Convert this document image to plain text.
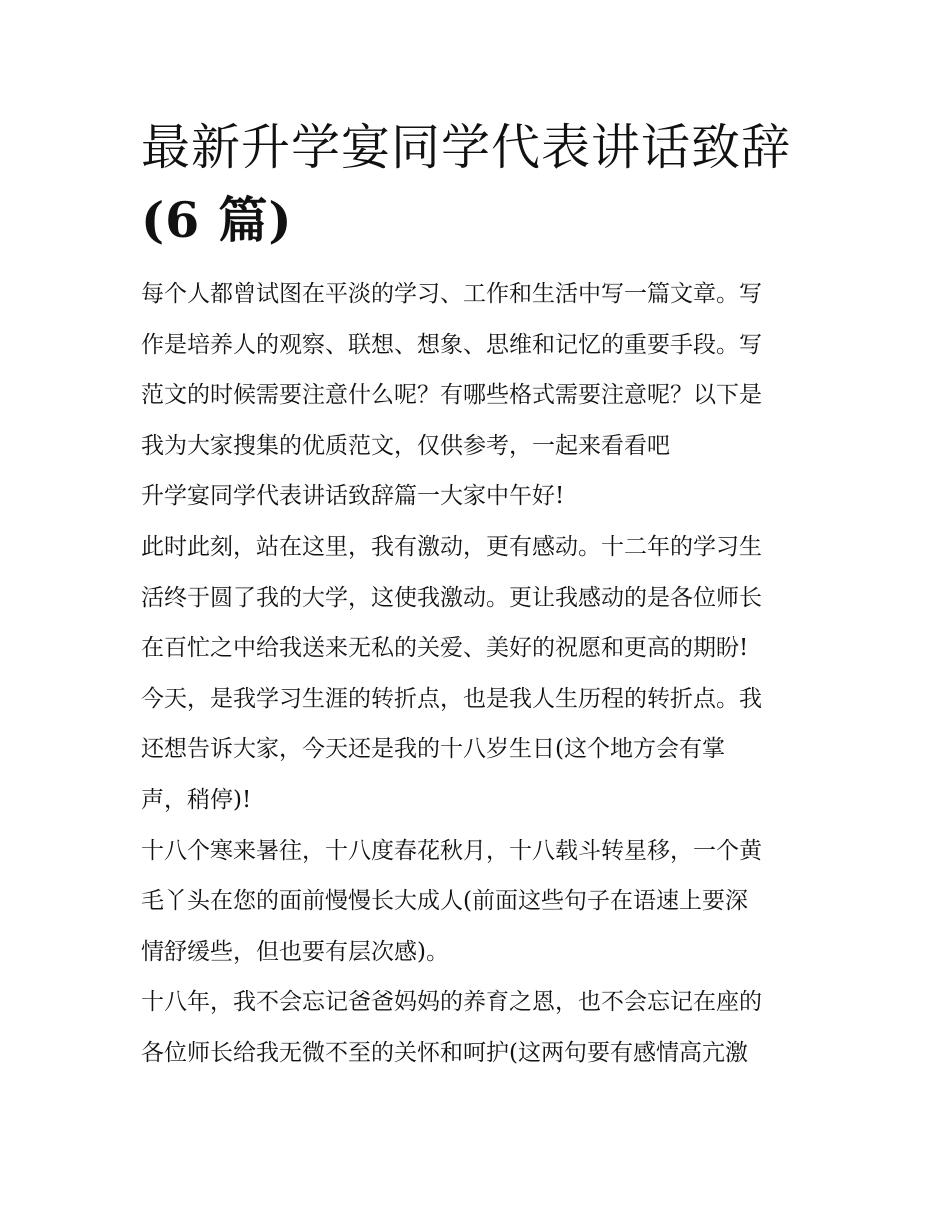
最新升学宴同学代表讲话致辞
(6 篇)

每个人都曾试图在平淡的学习、工作和生活中写一篇文章。写
作是培养人的观察、联想、想象、思维和记忆的重要手段。写
范文的时候需要注意什么呢？有哪些格式需要注意呢？以下是
我为大家搜集的优质范文，仅供参考，一起来看看吧

升学宴同学代表讲话致辞篇一大家中午好!

此时此刻，站在这里，我有激动，更有感动。十二年的学习生
活终于圆了我的大学，这使我激动。更让我感动的是各位师长
在百忙之中给我送来无私的关爱、美好的祝愿和更高的期盼!

今天，是我学习生涯的转折点，也是我人生历程的转折点。我
还想告诉大家，今天还是我的十八岁生日(这个地方会有掌
声，稍停)!

十八个寒来暑往，十八度春花秋月，十八载斗转星移，一个黄
毛丫头在您的面前慢慢长大成人(前面这些句子在语速上要深
情舒缓些，但也要有层次感)。

十八年，我不会忘记爸爸妈妈的养育之恩，也不会忘记在座的
各位师长给我无微不至的关怀和呵护(这两句要有感情高亢激
